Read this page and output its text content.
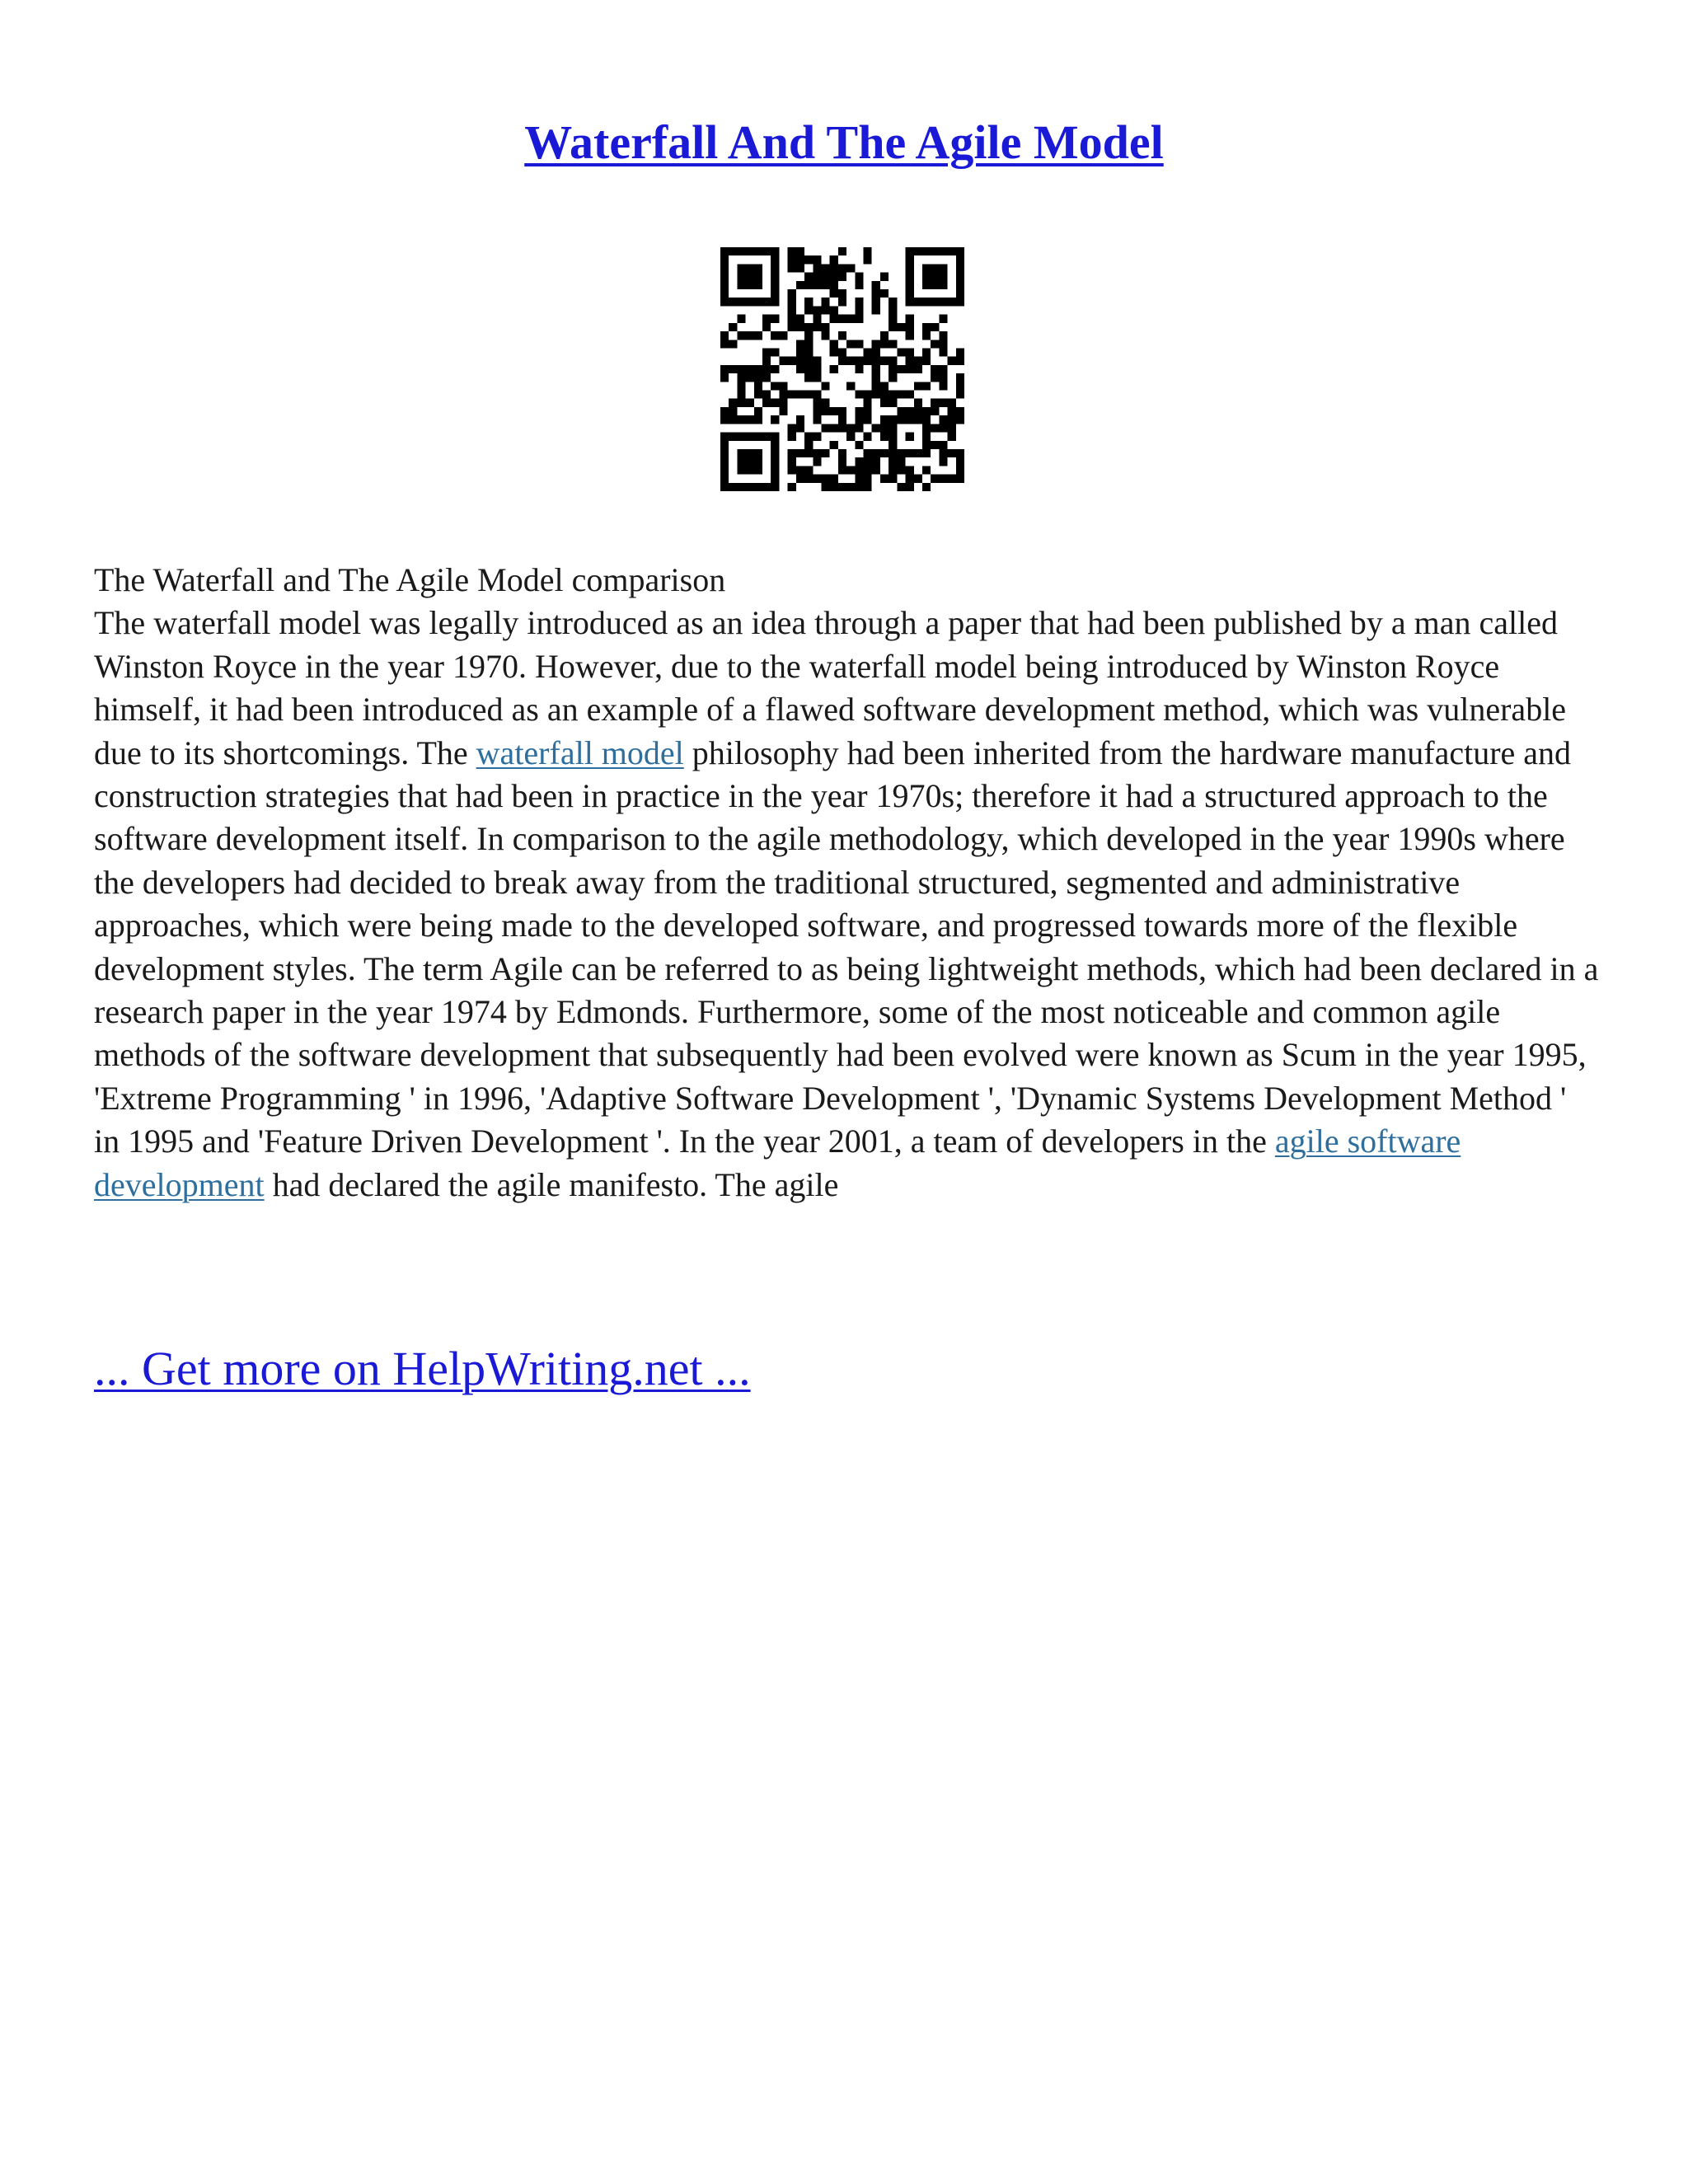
Waterfall And The Agile Model

The Waterfall and The Agile Model comparison

The waterfall model was legally introduced as an idea through a paper that had been published by a man called Winston Royce in the year 1970. However, due to the waterfall model being introduced by Winston Royce himself, it had been introduced as an example of a flawed software development method, which was vulnerable due to its shortcomings. The waterfall model philosophy had been inherited from the hardware manufacture and construction strategies that had been in practice in the year 1970s; therefore it had a structured approach to the software development itself. In comparison to the agile methodology, which developed in the year 1990s where the developers had decided to break away from the traditional structured, segmented and administrative approaches, which were being made to the developed software, and progressed towards more of the flexible development styles. The term Agile can be referred to as being lightweight methods, which had been declared in a research paper in the year 1974 by Edmonds. Furthermore, some of the most noticeable and common agile methods of the software development that subsequently had been evolved were known as Scum in the year 1995, 'Extreme Programming ' in 1996, 'Adaptive Software Development ', 'Dynamic Systems Development Method ' in 1995 and 'Feature Driven Development '. In the year 2001, a team of developers in the agile software development had declared the agile manifesto. The agile

... Get more on HelpWriting.net ...
